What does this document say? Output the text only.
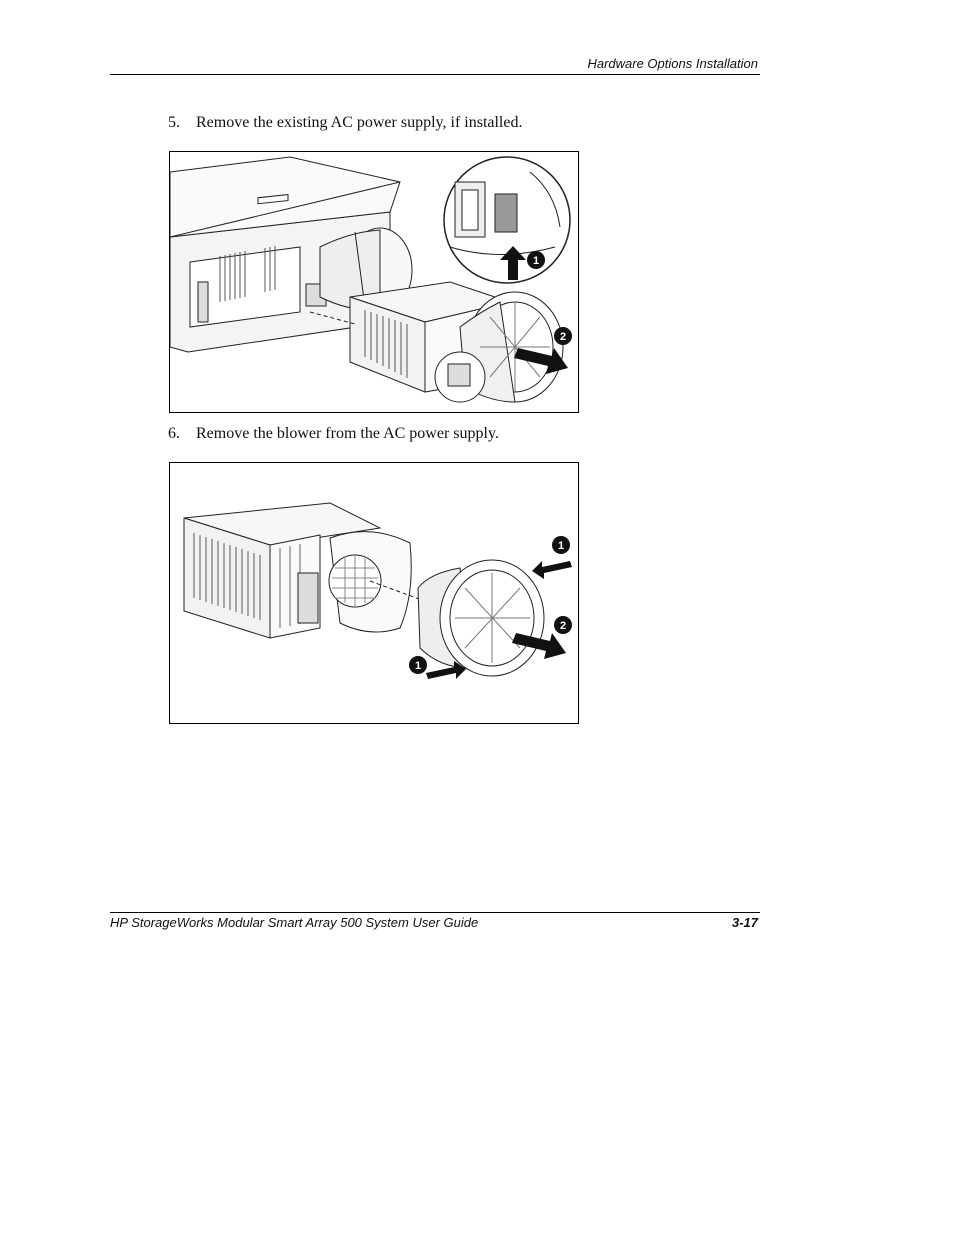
Hardware Options Installation
5. Remove the existing AC power supply, if installed.
1
2
6. Remove the blower from the AC power supply.
1
2
1
HP StorageWorks Modular Smart Array 500 System User Guide	3-17
